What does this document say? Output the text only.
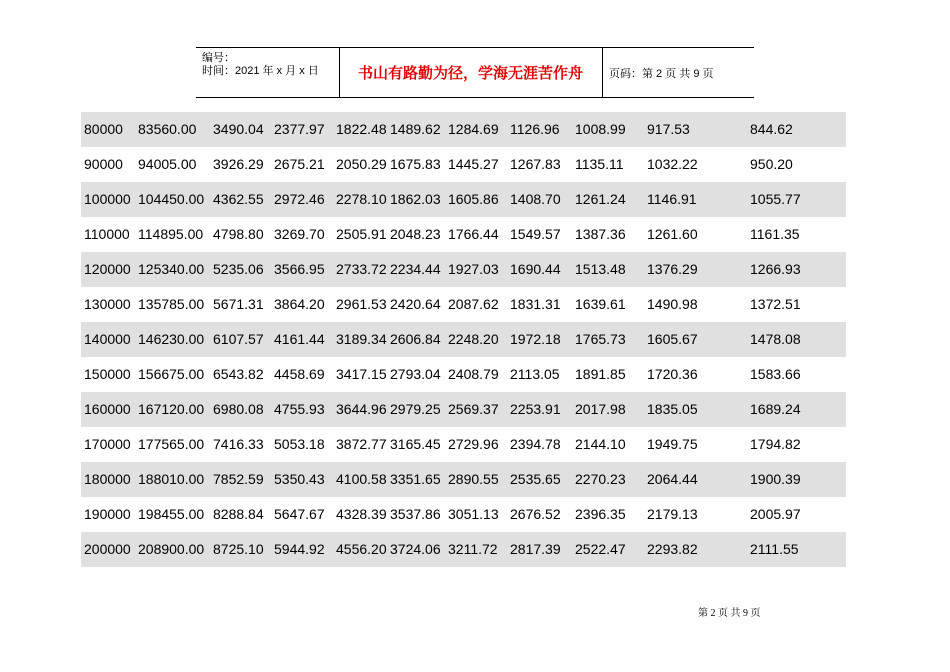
编号：
时间：2021 年 x 月 x 日	书山有路勤为径，学海无涯苦作舟	页码：第 2 页 共 9 页
80000 83560.00 3490.04 2377.97 1822.48 1489.62 1284.69 1126.96 1008.99 917.53	844.62
90000 94005.00 3926.29 2675.21 2050.29 1675.83 1445.27 1267.83 1135.11 1032.22	950.20
100000 104450.00 4362.55 2972.46 2278.10 1862.03 1605.86 1408.70 1261.24 1146.91	1055.77
110000 114895.00 4798.80 3269.70 2505.91 2048.23 1766.44 1549.57 1387.36 1261.60	1161.35
120000 125340.00 5235.06 3566.95 2733.72 2234.44 1927.03 1690.44 1513.48 1376.29	1266.93
130000 135785.00 5671.31 3864.20 2961.53 2420.64 2087.62 1831.31 1639.61 1490.98	1372.51
140000 146230.00 6107.57 4161.44 3189.34 2606.84 2248.20 1972.18 1765.73 1605.67	1478.08
150000 156675.00 6543.82 4458.69 3417.15 2793.04 2408.79 2113.05 1891.85 1720.36	1583.66
160000 167120.00 6980.08 4755.93 3644.96 2979.25 2569.37 2253.91 2017.98 1835.05	1689.24
170000 177565.00 7416.33 5053.18 3872.77 3165.45 2729.96 2394.78 2144.10 1949.75	1794.82
180000 188010.00 7852.59 5350.43 4100.58 3351.65 2890.55 2535.65 2270.23 2064.44	1900.39
190000 198455.00 8288.84 5647.67 4328.39 3537.86 3051.13 2676.52 2396.35 2179.13	2005.97
200000 208900.00 8725.10 5944.92 4556.20 3724.06 3211.72 2817.39 2522.47 2293.82	2111.55
第 2 页 共 9 页
